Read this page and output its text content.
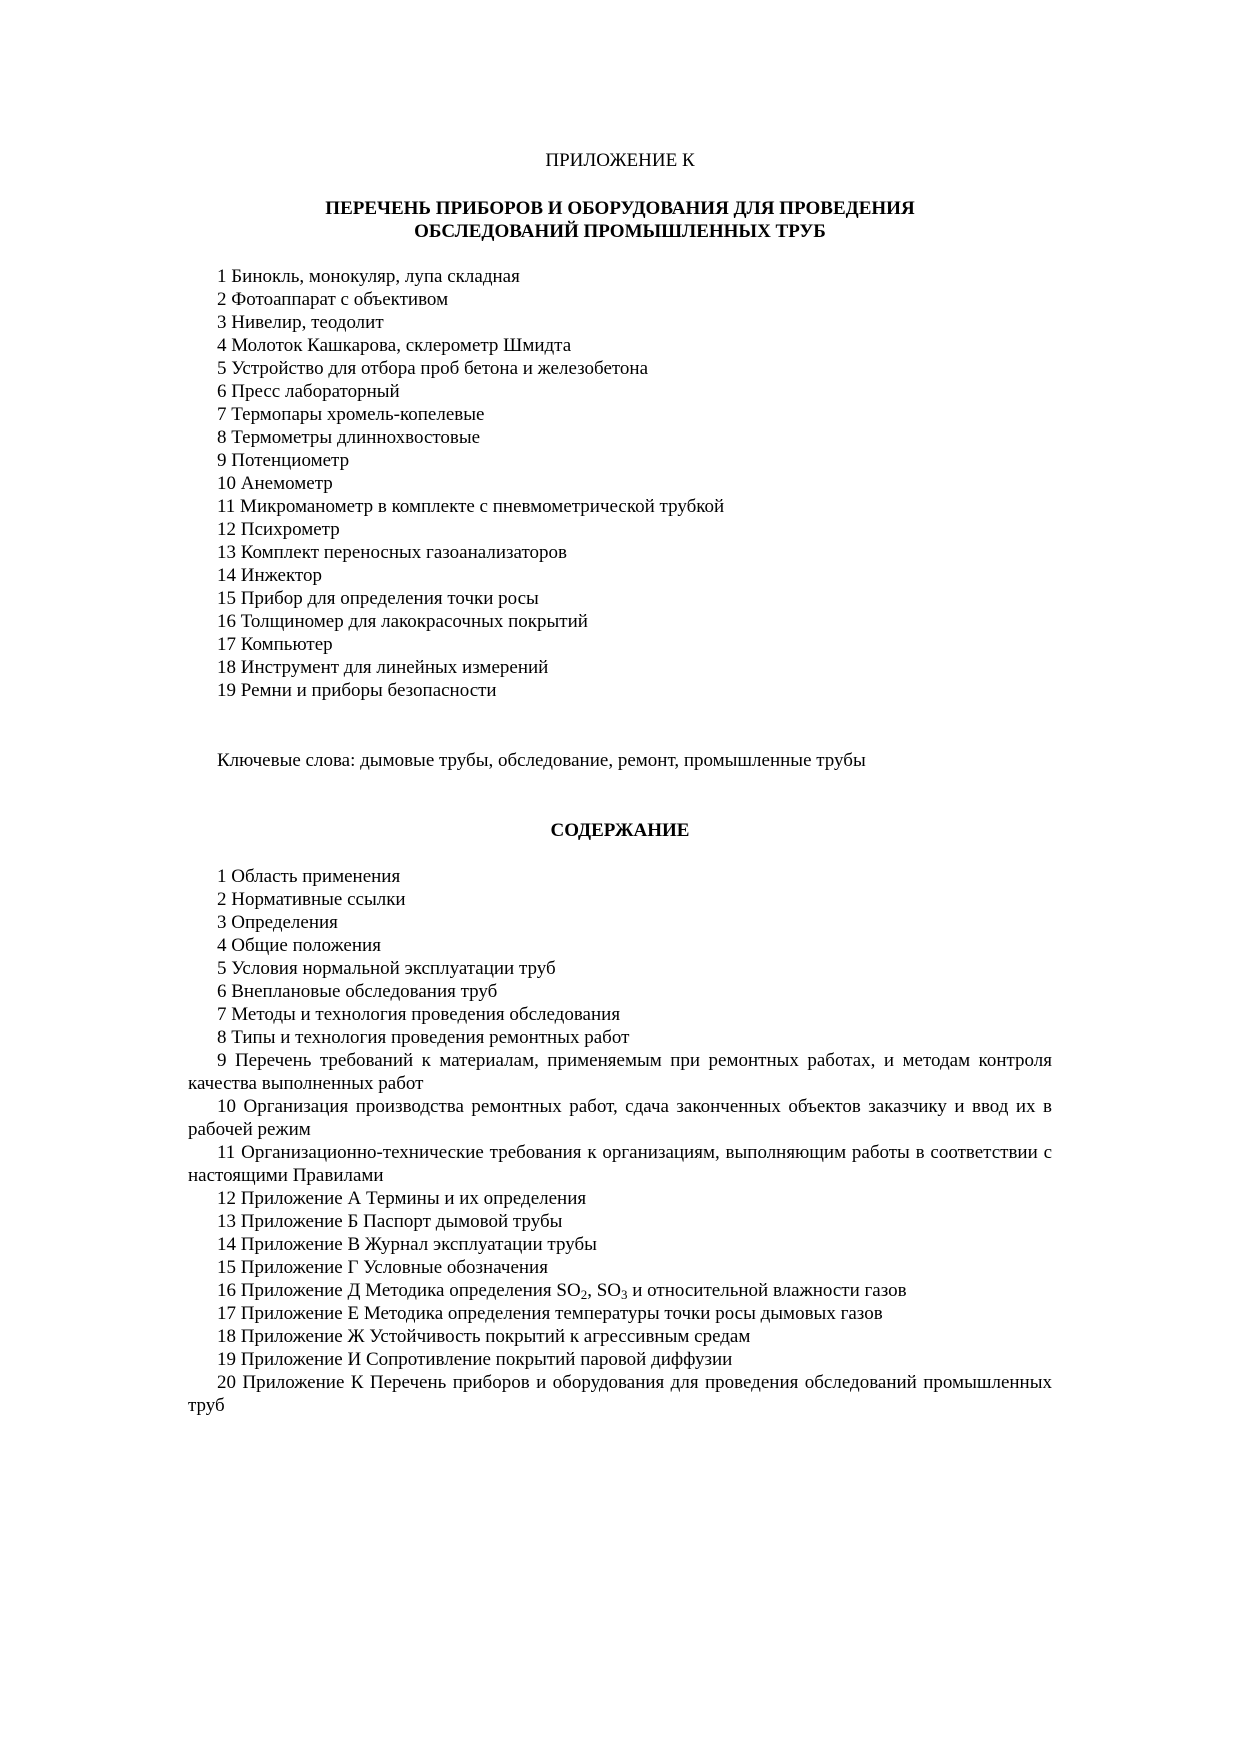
ПРИЛОЖЕНИЕ К
ПЕРЕЧЕНЬ ПРИБОРОВ И ОБОРУДОВАНИЯ ДЛЯ ПРОВЕДЕНИЯ
ОБСЛЕДОВАНИЙ ПРОМЫШЛЕННЫХ ТРУБ
1 Бинокль, монокуляр, лупа складная
2 Фотоаппарат с объективом
3 Нивелир, теодолит
4 Молоток Кашкарова, склерометр Шмидта
5 Устройство для отбора проб бетона и железобетона
6 Пресс лабораторный
7 Термопары хромель-копелевые
8 Термометры длиннохвостовые
9 Потенциометр
10 Анемометр
11 Микроманометр в комплекте с пневмометрической трубкой
12 Психрометр
13 Комплект переносных газоанализаторов
14 Инжектор
15 Прибор для определения точки росы
16 Толщиномер для лакокрасочных покрытий
17 Компьютер
18 Инструмент для линейных измерений
19 Ремни и приборы безопасности
Ключевые слова: дымовые трубы, обследование, ремонт, промышленные трубы
СОДЕРЖАНИЕ
1 Область применения
2 Нормативные ссылки
3 Определения
4 Общие положения
5 Условия нормальной эксплуатации труб
6 Внеплановые обследования труб
7 Методы и технология проведения обследования
8 Типы и технология проведения ремонтных работ
9 Перечень требований к материалам, применяемым при ремонтных работах, и методам контроля качества выполненных работ
10 Организация производства ремонтных работ, сдача законченных объектов заказчику и ввод их в рабочей режим
11 Организационно-технические требования к организациям, выполняющим работы в соответствии с настоящими Правилами
12 Приложение А Термины и их определения
13 Приложение Б Паспорт дымовой трубы
14 Приложение В Журнал эксплуатации трубы
15 Приложение Г Условные обозначения
16 Приложение Д Методика определения $SO_2$, $SO_3$ и относительной влажности газов
17 Приложение Е Методика определения температуры точки росы дымовых газов
18 Приложение Ж Устойчивость покрытий к агрессивным средам
19 Приложение И Сопротивление покрытий паровой диффузии
20 Приложение К Перечень приборов и оборудования для проведения обследований промышленных труб
